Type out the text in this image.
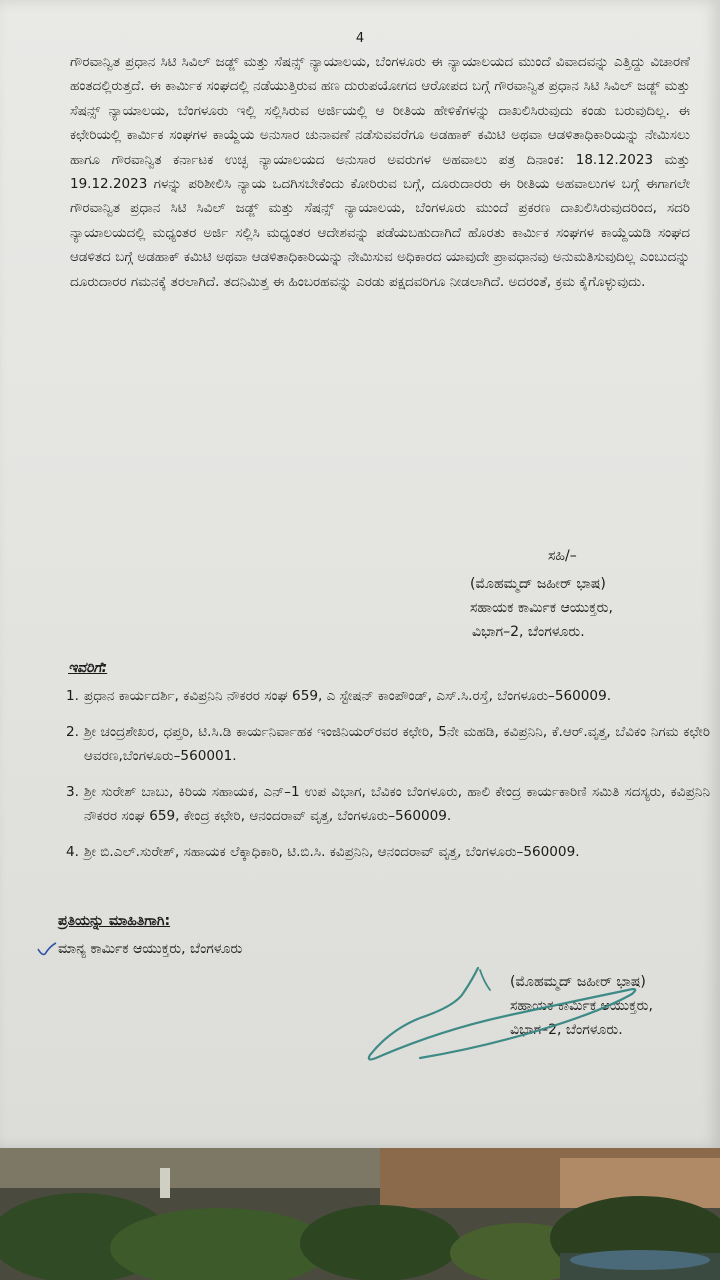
4

ಗೌರವಾನ್ವಿತ ಪ್ರಧಾನ ಸಿಟಿ ಸಿವಿಲ್ ಜಡ್ಜ್ ಮತ್ತು ಸೆಷನ್ಸ್ ನ್ಯಾಯಾಲಯ, ಬೆಂಗಳೂರು ಈ ನ್ಯಾಯಾಲಯದ ಮುಂದೆ ವಿವಾದವನ್ನು ಎತ್ತಿದ್ದು ವಿಚಾರಣೆ ಹಂತದಲ್ಲಿರುತ್ತದೆ. ಈ ಕಾರ್ಮಿಕ ಸಂಘದಲ್ಲಿ ನಡೆಯುತ್ತಿರುವ ಹಣ ದುರುಪಯೋಗದ ಆರೋಪದ ಬಗ್ಗೆ ಗೌರವಾನ್ವಿತ ಪ್ರಧಾನ ಸಿಟಿ ಸಿವಿಲ್ ಜಡ್ಜ್ ಮತ್ತು ಸೆಷನ್ಸ್ ನ್ಯಾಯಾಲಯ, ಬೆಂಗಳೂರು ಇಲ್ಲಿ ಸಲ್ಲಿಸಿರುವ ಅರ್ಜಿಯಲ್ಲಿ ಆ ರೀತಿಯ ಹೇಳಿಕೆಗಳನ್ನು ದಾಖಲಿಸಿರುವುದು ಕಂಡು ಬರುವುದಿಲ್ಲ. ಈ ಕಛೇರಿಯಲ್ಲಿ ಕಾರ್ಮಿಕ ಸಂಘಗಳ ಕಾಯ್ದೆಯ ಅನುಸಾರ ಚುನಾವಣೆ ನಡೆಸುವವರೆಗೂ ಅಡಹಾಕ್ ಕಮಿಟಿ ಅಥವಾ ಆಡಳಿತಾಧಿಕಾರಿಯನ್ನು ನೇಮಿಸಲು ಹಾಗೂ ಗೌರವಾನ್ವಿತ ಕರ್ನಾಟಕ ಉಚ್ಛ ನ್ಯಾಯಾಲಯದ ಅನುಸಾರ ಅವರುಗಳ ಅಹವಾಲು ಪತ್ರ ದಿನಾಂಕ: 18.12.2023 ಮತ್ತು 19.12.2023 ಗಳನ್ನು ಪರಿಶೀಲಿಸಿ ನ್ಯಾಯ ಒದಗಿಸಬೇಕೆಂದು ಕೋರಿರುವ ಬಗ್ಗೆ, ದೂರುದಾರರು ಈ ರೀತಿಯ ಅಹವಾಲುಗಳ ಬಗ್ಗೆ ಈಗಾಗಲೇ ಗೌರವಾನ್ವಿತ ಪ್ರಧಾನ ಸಿಟಿ ಸಿವಿಲ್ ಜಡ್ಜ್ ಮತ್ತು ಸೆಷನ್ಸ್ ನ್ಯಾಯಾಲಯ, ಬೆಂಗಳೂರು ಮುಂದೆ ಪ್ರಕರಣ ದಾಖಲಿಸಿರುವುದರಿಂದ, ಸದರಿ ನ್ಯಾಯಾಲಯದಲ್ಲಿ ಮಧ್ಯಂತರ ಅರ್ಜಿ ಸಲ್ಲಿಸಿ ಮಧ್ಯಂತರ ಆದೇಶವನ್ನು ಪಡೆಯಬಹುದಾಗಿದೆ ಹೊರತು ಕಾರ್ಮಿಕ ಸಂಘಗಳ ಕಾಯ್ದೆಯಡಿ ಸಂಘದ ಆಡಳಿತದ ಬಗ್ಗೆ ಅಡಹಾಕ್ ಕಮಿಟಿ ಅಥವಾ ಆಡಳಿತಾಧಿಕಾರಿಯನ್ನು ನೇಮಿಸುವ ಅಧಿಕಾರದ ಯಾವುದೇ ಪ್ರಾವಧಾನವು ಅನುಮತಿಸುವುದಿಲ್ಲ ಎಂಬುದನ್ನು ದೂರುದಾರರ ಗಮನಕ್ಕೆ ತರಲಾಗಿದೆ. ತದನಿಮಿತ್ತ ಈ ಹಿಂಬರಹವನ್ನು ಎರಡು ಪಕ್ಷದವರಿಗೂ ನೀಡಲಾಗಿದೆ. ಅದರಂತೆ, ಕ್ರಮ ಕೈಗೊಳ್ಳುವುದು.

ಸಹಿ/–
(ಮೊಹಮ್ಮದ್ ಜಹೀರ್ ಭಾಷ)
ಸಹಾಯಕ ಕಾರ್ಮಿಕ ಆಯುಕ್ತರು,
ವಿಭಾಗ–2, ಬೆಂಗಳೂರು.
ಇವರಿಗೆ:
1. ಪ್ರಧಾನ ಕಾರ್ಯದರ್ಶಿ, ಕವಿಪ್ರನಿನಿ ನೌಕರರ ಸಂಘ 659, ಎ ಸ್ಟೇಷನ್ ಕಾಂಪೌಂಡ್, ಎಸ್.ಸಿ.ರಸ್ತೆ, ಬೆಂಗಳೂರು–560009.
2. ಶ್ರೀ ಚಂದ್ರಶೇಖರ, ಧಪ್ತರಿ, ಟಿ.ಸಿ.ಡಿ ಕಾರ್ಯನಿರ್ವಾಹಕ ಇಂಜಿನಿಯರ್‌ರವರ ಕಛೇರಿ, 5ನೇ ಮಹಡಿ, ಕವಿಪ್ರನಿನಿ, ಕೆ.ಆರ್.ವೃತ್ತ, ಬೆವಿಕಂ ನಿಗಮ ಕಛೇರಿ ಆವರಣ,ಬೆಂಗಳೂರು–560001.
3. ಶ್ರೀ ಸುರೇಶ್ ಬಾಬು, ಕಿರಿಯ ಸಹಾಯಕ, ಎನ್–1 ಉಪ ವಿಭಾಗ, ಬೆವಿಕಂ ಬೆಂಗಳೂರು, ಹಾಲಿ ಕೇಂದ್ರ ಕಾರ್ಯಕಾರಿಣಿ ಸಮಿತಿ ಸದಸ್ಯರು, ಕವಿಪ್ರನಿನಿ ನೌಕರರ ಸಂಘ 659, ಕೇಂದ್ರ ಕಛೇರಿ, ಆನಂದರಾವ್ ವೃತ್ತ, ಬೆಂಗಳೂರು–560009.
4. ಶ್ರೀ ಬಿ.ಎಲ್.ಸುರೇಶ್, ಸಹಾಯಕ ಲೆಕ್ಕಾಧಿಕಾರಿ, ಟಿ.ಬಿ.ಸಿ. ಕವಿಪ್ರನಿನಿ, ಆನಂದರಾವ್ ವೃತ್ತ, ಬೆಂಗಳೂರು–560009.
ಪ್ರತಿಯನ್ನು ಮಾಹಿತಿಗಾಗಿ:
ಮಾನ್ಯ ಕಾರ್ಮಿಕ ಆಯುಕ್ತರು, ಬೆಂಗಳೂರು
(ಮೊಹಮ್ಮದ್ ಜಹೀರ್ ಭಾಷ)
ಸಹಾಯಕ ಕಾರ್ಮಿಕ ಆಯುಕ್ತರು,
ವಿಭಾಗ–2, ಬೆಂಗಳೂರು.
